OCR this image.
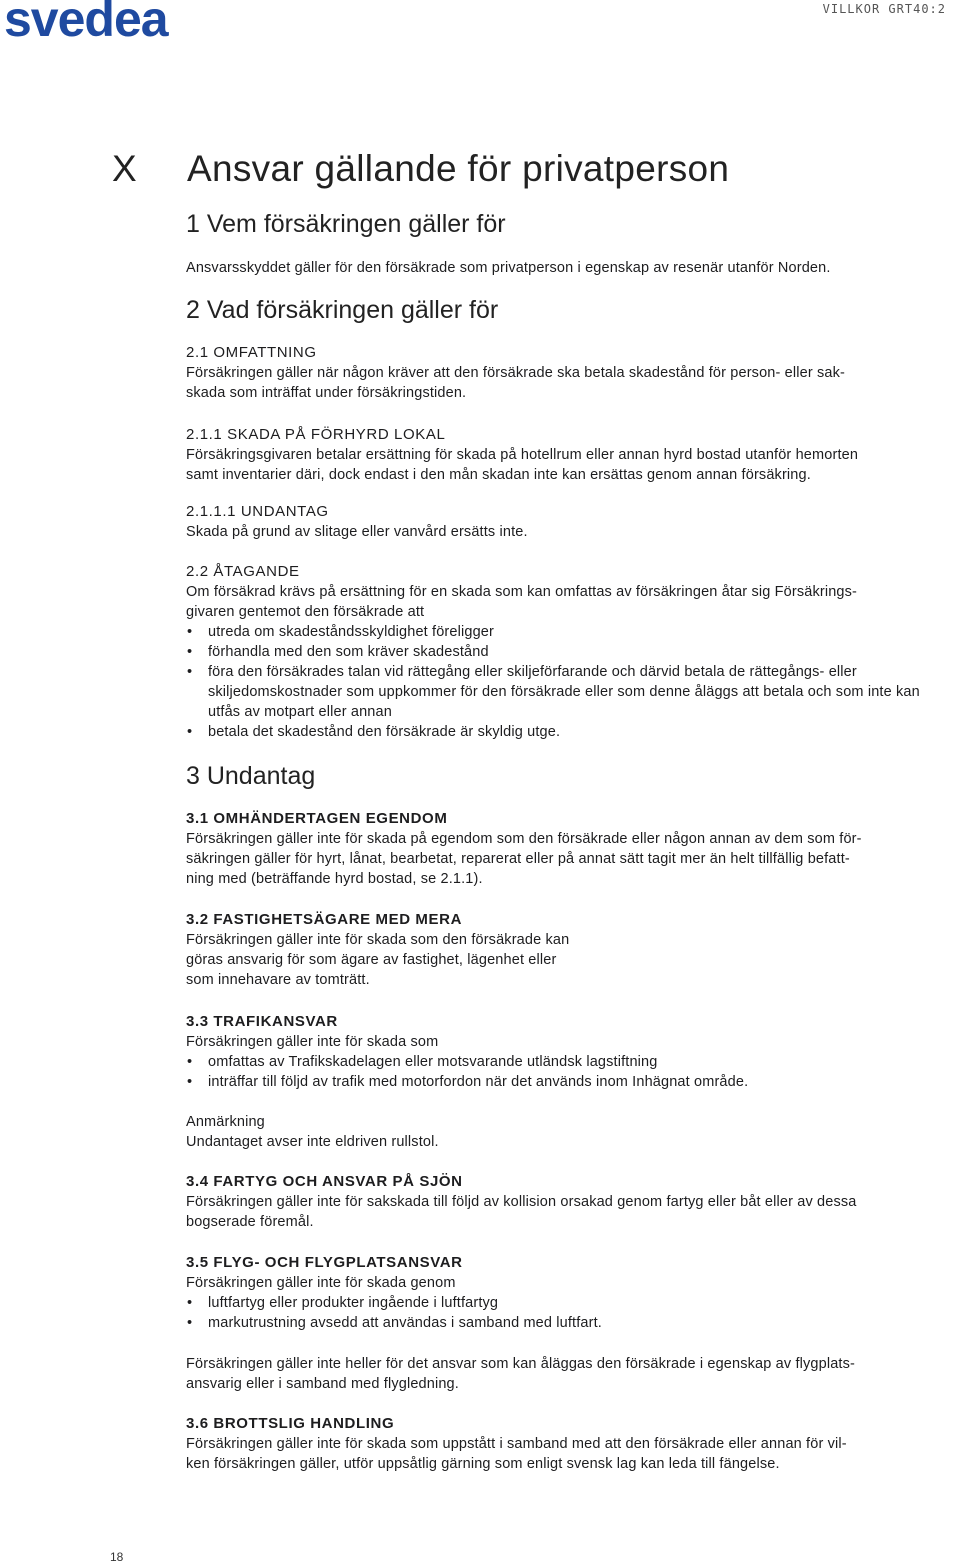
svedea	VILLKOR GRT40:2
X Ansvar gällande för privatperson
1 Vem försäkringen gäller för

Ansvarsskyddet gäller för den försäkrade som privatperson i egenskap av resenär utanför Norden.

2 Vad försäkringen gäller för
2.1 OMFATTNING

Försäkringen gäller när någon kräver att den försäkrade ska betala skadestånd för person- eller sak-

skada som inträffat under försäkringstiden.

2.1.1 SKADA PÅ FÖRHYRD LOKAL

Försäkringsgivaren betalar ersättning för skada på hotellrum eller annan hyrd bostad utanför hemorten

samt inventarier däri, dock endast i den mån skadan inte kan ersättas genom annan försäkring.

2.1.1.1 UNDANTAG

Skada på grund av slitage eller vanvård ersätts inte.

2.2 ÅTAGANDE

Om försäkrad krävs på ersättning för en skada som kan omfattas av försäkringen åtar sig Försäkrings-

givaren gentemot den försäkrade att

• utreda om skadeståndsskyldighet föreligger
• förhandla med den som kräver skadestånd
• föra den försäkrades talan vid rättegång eller skiljeförfarande och därvid betala de rättegångs- eller skiljedomskostnader som uppkommer för den försäkrade eller som denne åläggs att betala och som inte kan utfås av motpart eller annan
• betala det skadestånd den försäkrade är skyldig utge.
3 Undantag
3.1 OMHÄNDERTAGEN EGENDOM

Försäkringen gäller inte för skada på egendom som den försäkrade eller någon annan av dem som för-

säkringen gäller för hyrt, lånat, bearbetat, reparerat eller på annat sätt tagit mer än helt tillfällig befatt-

ning med (beträffande hyrd bostad, se 2.1.1).

3.2 FASTIGHETSÄGARE MED MERA

Försäkringen gäller inte för skada som den försäkrade kan

göras ansvarig för som ägare av fastighet, lägenhet eller

som innehavare av tomträtt.

3.3 TRAFIKANSVAR

Försäkringen gäller inte för skada som

• omfattas av Trafikskadelagen eller motsvarande utländsk lagstiftning
• inträffar till följd av trafik med motorfordon när det används inom Inhägnat område.

Anmärkning

Undantaget avser inte eldriven rullstol.

3.4 FARTYG OCH ANSVAR PÅ SJÖN

Försäkringen gäller inte för sakskada till följd av kollision orsakad genom fartyg eller båt eller av dessa

bogserade föremål.

3.5 FLYG- OCH FLYGPLATSANSVAR

Försäkringen gäller inte för skada genom

• luftfartyg eller produkter ingående i luftfartyg
• markutrustning avsedd att användas i samband med luftfart.

Försäkringen gäller inte heller för det ansvar som kan åläggas den försäkrade i egenskap av flygplats-

ansvarig eller i samband med flygledning.

3.6 BROTTSLIG HANDLING

Försäkringen gäller inte för skada som uppstått i samband med att den försäkrade eller annan för vil-

ken försäkringen gäller, utför uppsåtlig gärning som enligt svensk lag kan leda till fängelse.

18
